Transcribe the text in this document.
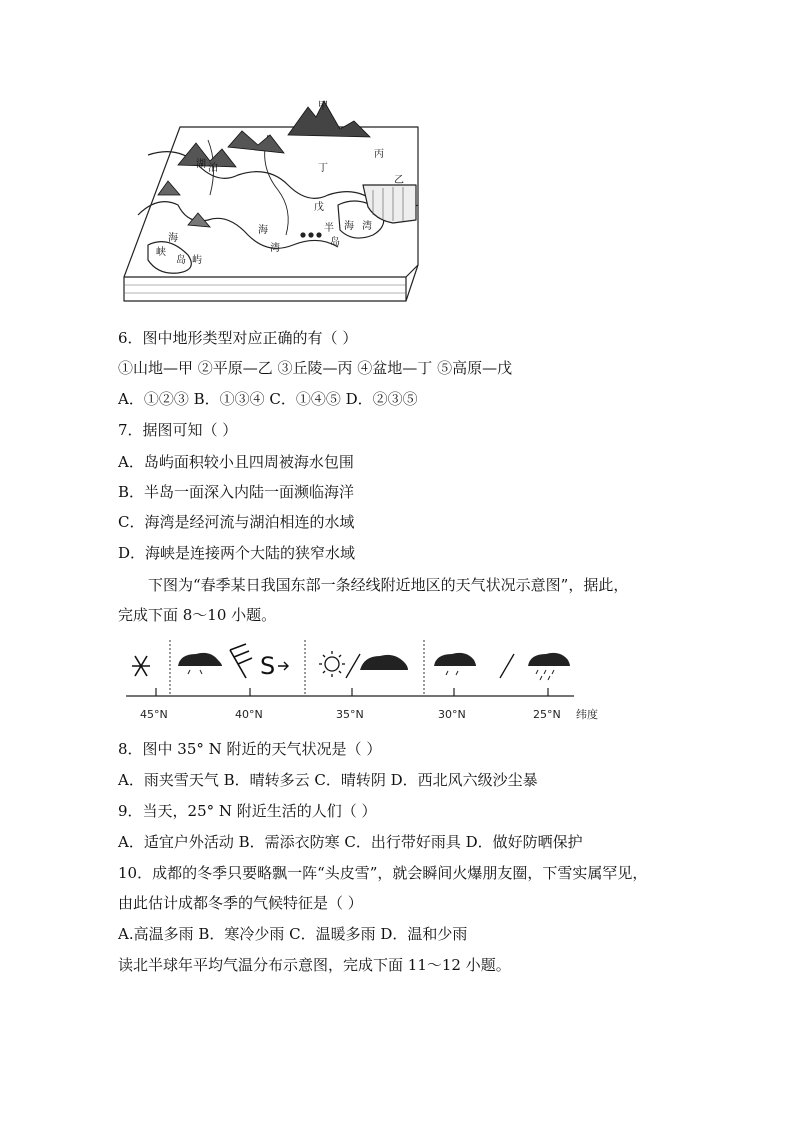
甲
乙
丙
丁
戊
湖 泊
海
湾
半
岛
海 湾
海
峡
岛 屿
6．图中地形类型对应正确的有（ ）
①山地—甲 ②平原—乙 ③丘陵—丙 ④盆地—丁 ⑤高原—戊
A．①②③ B．①③④ C．①④⑤ D．②③⑤
7．据图可知（ ）
A．岛屿面积较小且四周被海水包围
B．半岛一面深入内陆一面濒临海洋
C．海湾是经河流与湖泊相连的水域
D．海峡是连接两个大陆的狭窄水域
下图为“春季某日我国东部一条经线附近地区的天气状况示意图”，据此，
完成下面 8～10 小题。
45°N	40°N	35°N	30°N	25°N 纬度
S
8．图中 35° N 附近的天气状况是（ ）
A．雨夹雪天气 B．晴转多云 C．晴转阴 D．西北风六级沙尘暴
9．当天，25° N 附近生活的人们（ ）
A．适宜户外活动 B．需添衣防寒 C．出行带好雨具 D．做好防晒保护
10．成都的冬季只要略飘一阵“头皮雪”，就会瞬间火爆朋友圈，下雪实属罕见，
由此估计成都冬季的气候特征是（ ）
A.高温多雨 B．寒冷少雨 C．温暖多雨 D．温和少雨
读北半球年平均气温分布示意图，完成下面 11～12 小题。
